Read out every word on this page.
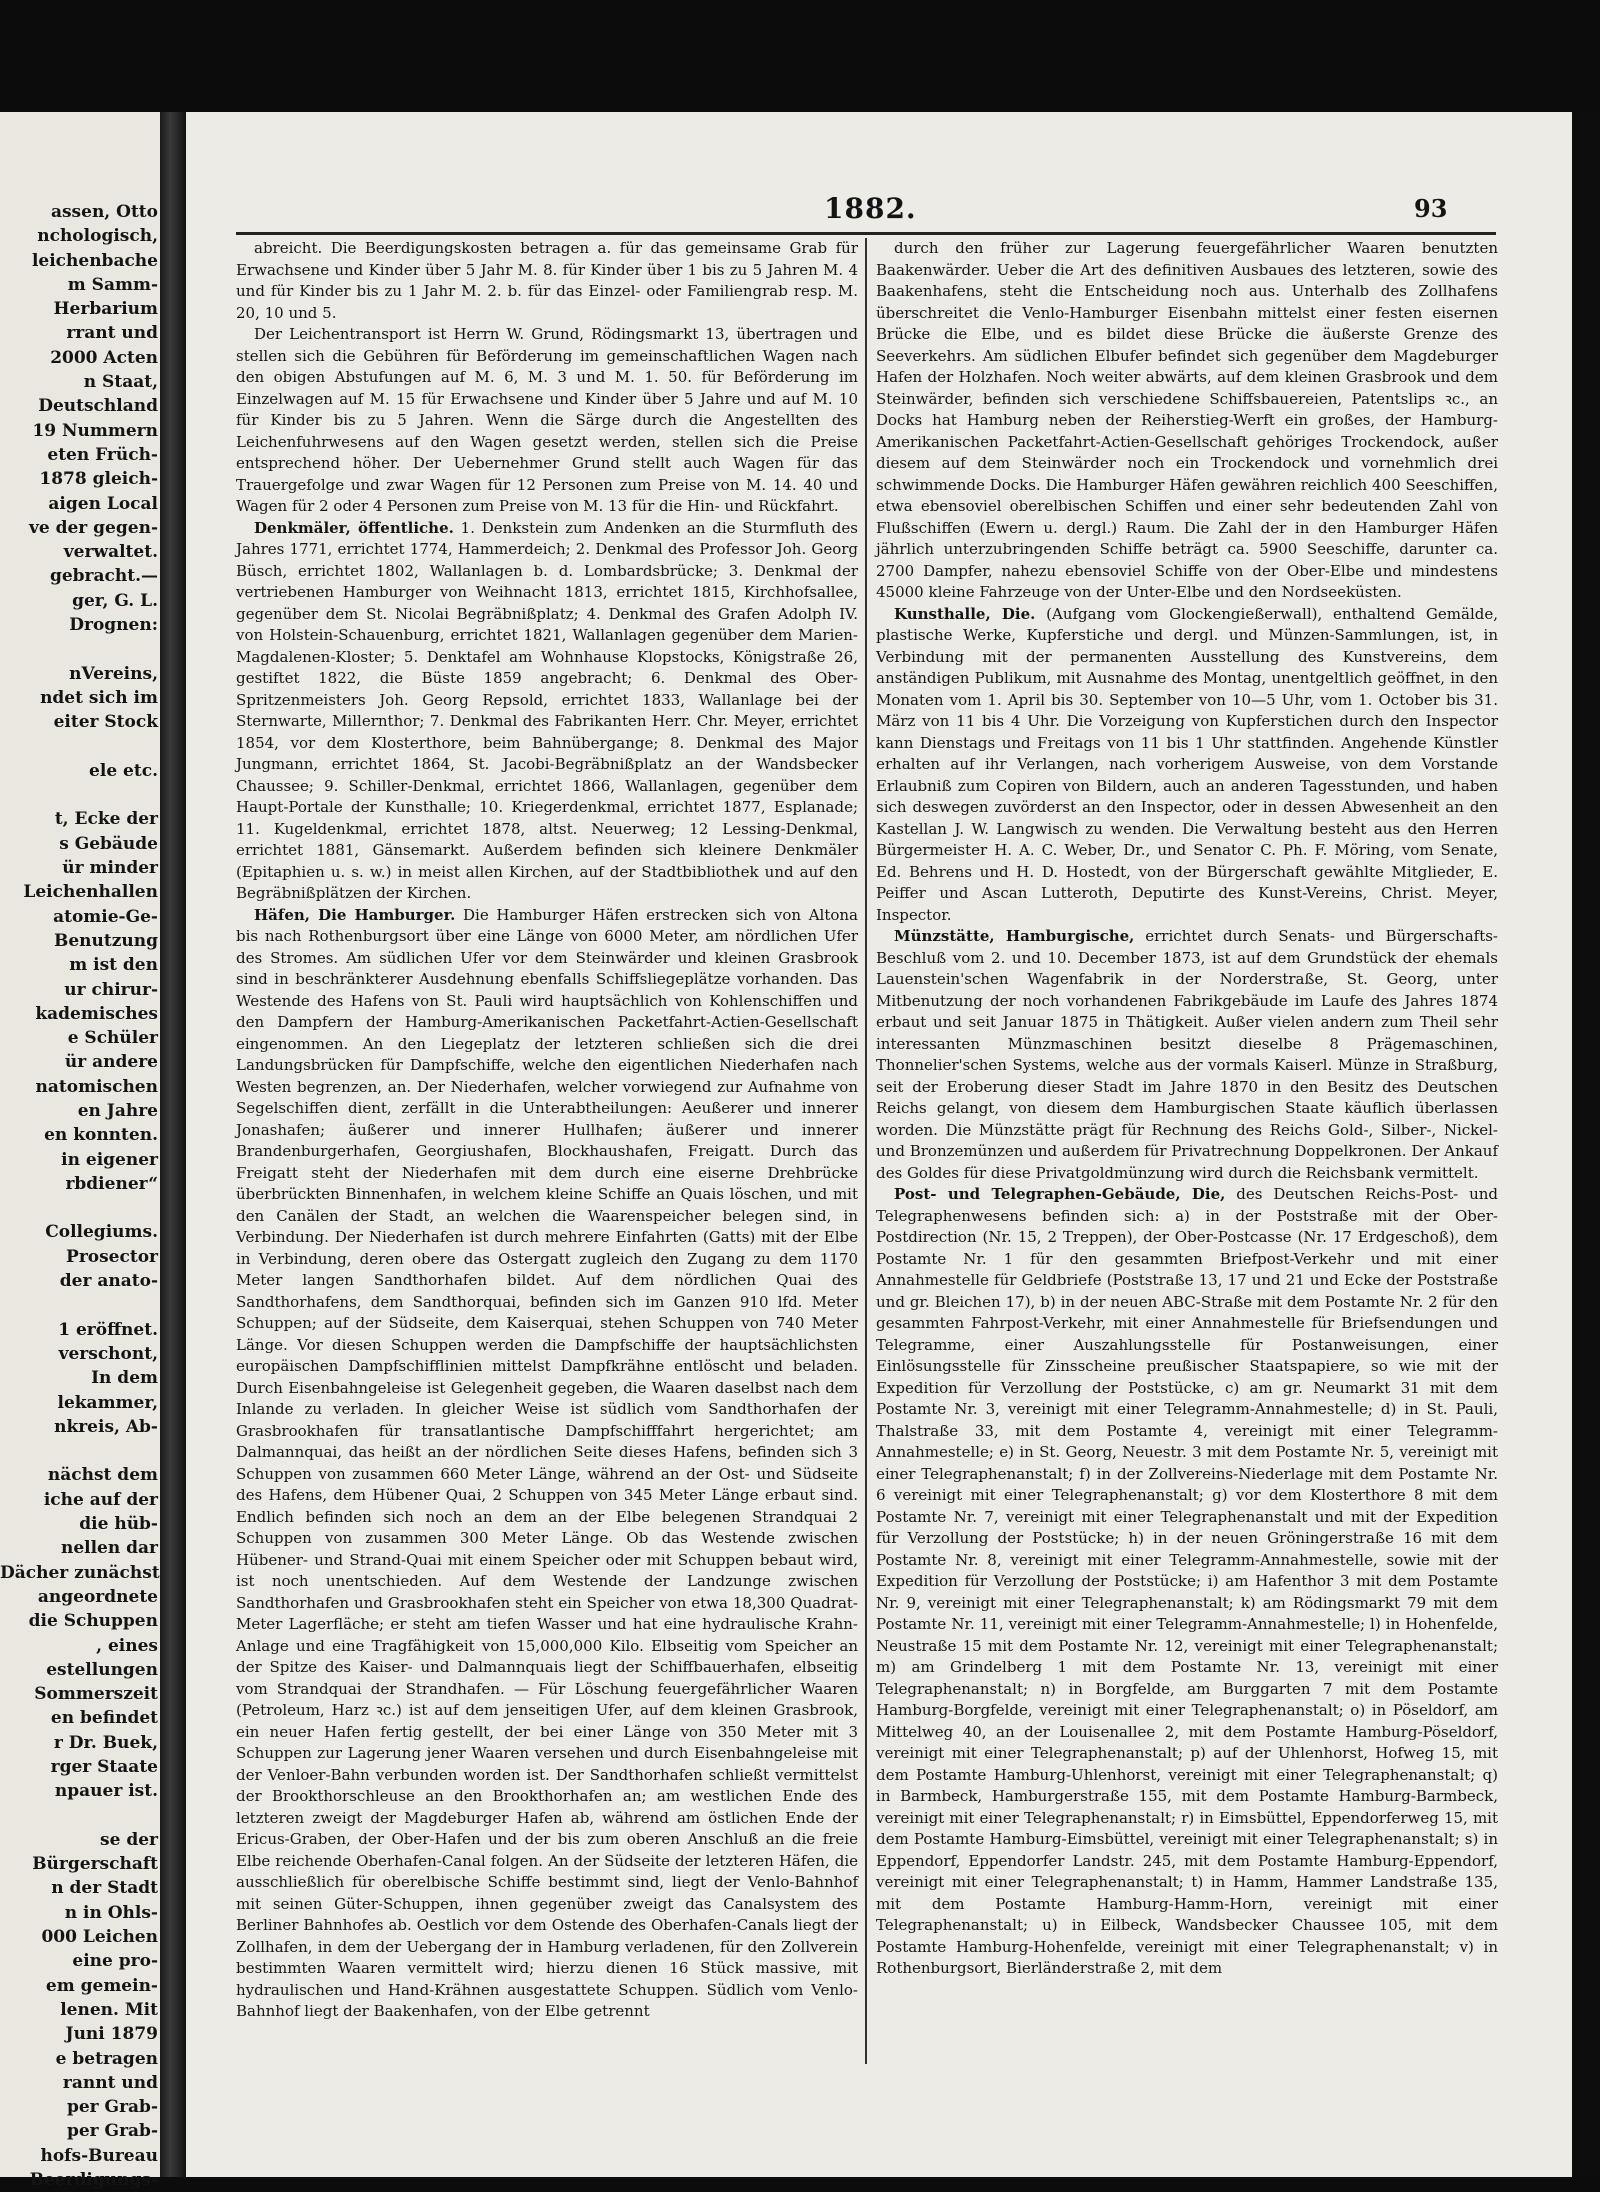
assen, Otto
nchologisch,
leichenbache
m Samm-
Herbarium
rrant und
2000 Acten
n Staat,
Deutschland
19 Nummern
eten Früch-
1878 gleich-
aigen Local
ve der gegen-
verwaltet.
gebracht.—
ger, G. L.
Drognen:

nVereins,
ndet sich im
eiter Stock

ele etc.

t, Ecke der
s Gebäude
ür minder
Leichenhallen
atomie-Ge-
Benutzung
m ist den
ur chirur-
kademisches
e Schüler
ür andere
natomischen
en Jahre
en konnten.
in eigener
rbdiener“

Collegiums.
Prosector
der anato-

1 eröffnet.
verschont,
In dem
lekammer,
nkreis, Ab-

nächst dem
iche auf der
die hüb-
nellen dar
Dächer zunächst
angeordnete
die Schuppen
, eines
estellungen
Sommerszeit
en befindet
r Dr. Buek,
rger Staate
npauer ist.

se der
Bürgerschaft
n der Stadt
n in Ohls-
000 Leichen
eine pro-
em gemein-
lenen. Mit
Juni 1879
e betragen
rannt und
per Grab-
per Grab-
hofs-Bureau
Beerdigungs-
1882.	93

abreicht. Die Beerdigungskosten betragen a. für das gemeinsame Grab für Erwachsene und Kinder über 5 Jahr M. 8. für Kinder über 1 bis zu 5 Jahren M. 4 und für Kinder bis zu 1 Jahr M. 2. b. für das Einzel- oder Familiengrab resp. M. 20, 10 und 5.

Der Leichentransport ist Herrn W. Grund, Rödingsmarkt 13, übertragen und stellen sich die Gebühren für Beförderung im gemeinschaftlichen Wagen nach den obigen Abstufungen auf M. 6, M. 3 und M. 1. 50. für Beförderung im Einzelwagen auf M. 15 für Erwachsene und Kinder über 5 Jahre und auf M. 10 für Kinder bis zu 5 Jahren. Wenn die Särge durch die Angestellten des Leichenfuhrwesens auf den Wagen gesetzt werden, stellen sich die Preise entsprechend höher. Der Uebernehmer Grund stellt auch Wagen für das Trauergefolge und zwar Wagen für 12 Personen zum Preise von M. 14. 40 und Wagen für 2 oder 4 Personen zum Preise von M. 13 für die Hin- und Rückfahrt.

Denkmäler, öffentliche. 1. Denkstein zum Andenken an die Sturmfluth des Jahres 1771, errichtet 1774, Hammerdeich; 2. Denkmal des Professor Joh. Georg Büsch, errichtet 1802, Wallanlagen b. d. Lombardsbrücke; 3. Denkmal der vertriebenen Hamburger von Weihnacht 1813, errichtet 1815, Kirchhofsallee, gegenüber dem St. Nicolai Begräbnißplatz; 4. Denkmal des Grafen Adolph IV. von Holstein-Schauenburg, errichtet 1821, Wallanlagen gegenüber dem Marien-Magdalenen-Kloster; 5. Denktafel am Wohnhause Klopstocks, Königstraße 26, gestiftet 1822, die Büste 1859 angebracht; 6. Denkmal des Ober-Spritzenmeisters Joh. Georg Repsold, errichtet 1833, Wallanlage bei der Sternwarte, Millernthor; 7. Denkmal des Fabrikanten Herr. Chr. Meyer, errichtet 1854, vor dem Klosterthore, beim Bahnübergange; 8. Denkmal des Major Jungmann, errichtet 1864, St. Jacobi-Begräbnißplatz an der Wandsbecker Chaussee; 9. Schiller-Denkmal, errichtet 1866, Wallanlagen, gegenüber dem Haupt-Portale der Kunsthalle; 10. Kriegerdenkmal, errichtet 1877, Esplanade; 11. Kugeldenkmal, errichtet 1878, altst. Neuerweg; 12 Lessing-Denkmal, errichtet 1881, Gänsemarkt. Außerdem befinden sich kleinere Denkmäler (Epitaphien u. s. w.) in meist allen Kirchen, auf der Stadtbibliothek und auf den Begräbnißplätzen der Kirchen.

Häfen, Die Hamburger. Die Hamburger Häfen erstrecken sich von Altona bis nach Rothenburgsort über eine Länge von 6000 Meter, am nördlichen Ufer des Stromes. Am südlichen Ufer vor dem Steinwärder und kleinen Grasbrook sind in beschränkterer Ausdehnung ebenfalls Schiffsliegeplätze vorhanden. Das Westende des Hafens von St. Pauli wird hauptsächlich von Kohlenschiffen und den Dampfern der Hamburg-Amerikanischen Packetfahrt-Actien-Gesellschaft eingenommen. An den Liegeplatz der letzteren schließen sich die drei Landungsbrücken für Dampfschiffe, welche den eigentlichen Niederhafen nach Westen begrenzen, an. Der Niederhafen, welcher vorwiegend zur Aufnahme von Segelschiffen dient, zerfällt in die Unterabtheilungen: Aeußerer und innerer Jonashafen; äußerer und innerer Hullhafen; äußerer und innerer Brandenburgerhafen, Georgiushafen, Blockhaushafen, Freigatt. Durch das Freigatt steht der Niederhafen mit dem durch eine eiserne Drehbrücke überbrückten Binnenhafen, in welchem kleine Schiffe an Quais löschen, und mit den Canälen der Stadt, an welchen die Waarenspeicher belegen sind, in Verbindung. Der Niederhafen ist durch mehrere Einfahrten (Gatts) mit der Elbe in Verbindung, deren obere das Ostergatt zugleich den Zugang zu dem 1170 Meter langen Sandthorhafen bildet. Auf dem nördlichen Quai des Sandthorhafens, dem Sandthorquai, befinden sich im Ganzen 910 lfd. Meter Schuppen; auf der Südseite, dem Kaiserquai, stehen Schuppen von 740 Meter Länge. Vor diesen Schuppen werden die Dampfschiffe der hauptsächlichsten europäischen Dampfschifflinien mittelst Dampfkrähne entlöscht und beladen. Durch Eisenbahngeleise ist Gelegenheit gegeben, die Waaren daselbst nach dem Inlande zu verladen. In gleicher Weise ist südlich vom Sandthorhafen der Grasbrookhafen für transatlantische Dampfschifffahrt hergerichtet; am Dalmannquai, das heißt an der nördlichen Seite dieses Hafens, befinden sich 3 Schuppen von zusammen 660 Meter Länge, während an der Ost- und Südseite des Hafens, dem Hübener Quai, 2 Schuppen von 345 Meter Länge erbaut sind. Endlich befinden sich noch an dem an der Elbe belegenen Strandquai 2 Schuppen von zusammen 300 Meter Länge. Ob das Westende zwischen Hübener- und Strand-Quai mit einem Speicher oder mit Schuppen bebaut wird, ist noch unentschieden. Auf dem Westende der Landzunge zwischen Sandthorhafen und Grasbrookhafen steht ein Speicher von etwa 18,300 Quadrat-Meter Lagerfläche; er steht am tiefen Wasser und hat eine hydraulische Krahn-Anlage und eine Tragfähigkeit von 15,000,000 Kilo. Elbseitig vom Speicher an der Spitze des Kaiser- und Dalmannquais liegt der Schiffbauerhafen, elbseitig vom Strandquai der Strandhafen. — Für Löschung feuergefährlicher Waaren (Petroleum, Harz ꝛc.) ist auf dem jenseitigen Ufer, auf dem kleinen Grasbrook, ein neuer Hafen fertig gestellt, der bei einer Länge von 350 Meter mit 3 Schuppen zur Lagerung jener Waaren versehen und durch Eisenbahngeleise mit der Venloer-Bahn verbunden worden ist. Der Sandthorhafen schließt vermittelst der Brookthorschleuse an den Brookthorhafen an; am westlichen Ende des letzteren zweigt der Magdeburger Hafen ab, während am östlichen Ende der Ericus-Graben, der Ober-Hafen und der bis zum oberen Anschluß an die freie Elbe reichende Oberhafen-Canal folgen. An der Südseite der letzteren Häfen, die ausschließlich für oberelbische Schiffe bestimmt sind, liegt der Venlo-Bahnhof mit seinen Güter-Schuppen, ihnen gegenüber zweigt das Canalsystem des Berliner Bahnhofes ab. Oestlich vor dem Ostende des Oberhafen-Canals liegt der Zollhafen, in dem der Uebergang der in Hamburg verladenen, für den Zollverein bestimmten Waaren vermittelt wird; hierzu dienen 16 Stück massive, mit hydraulischen und Hand-Krähnen ausgestattete Schuppen. Südlich vom Venlo-Bahnhof liegt der Baakenhafen, von der Elbe getrennt

durch den früher zur Lagerung feuergefährlicher Waaren benutzten Baakenwärder. Ueber die Art des definitiven Ausbaues des letzteren, sowie des Baakenhafens, steht die Entscheidung noch aus. Unterhalb des Zollhafens überschreitet die Venlo-Hamburger Eisenbahn mittelst einer festen eisernen Brücke die Elbe, und es bildet diese Brücke die äußerste Grenze des Seeverkehrs. Am südlichen Elbufer befindet sich gegenüber dem Magdeburger Hafen der Holzhafen. Noch weiter abwärts, auf dem kleinen Grasbrook und dem Steinwärder, befinden sich verschiedene Schiffsbauereien, Patentslips ꝛc., an Docks hat Hamburg neben der Reiherstieg-Werft ein großes, der Hamburg-Amerikanischen Packetfahrt-Actien-Gesellschaft gehöriges Trockendock, außer diesem auf dem Steinwärder noch ein Trockendock und vornehmlich drei schwimmende Docks. Die Hamburger Häfen gewähren reichlich 400 Seeschiffen, etwa ebensoviel oberelbischen Schiffen und einer sehr bedeutenden Zahl von Flußschiffen (Ewern u. dergl.) Raum. Die Zahl der in den Hamburger Häfen jährlich unterzubringenden Schiffe beträgt ca. 5900 Seeschiffe, darunter ca. 2700 Dampfer, nahezu ebensoviel Schiffe von der Ober-Elbe und mindestens 45000 kleine Fahrzeuge von der Unter-Elbe und den Nordseeküsten.

Kunsthalle, Die. (Aufgang vom Glockengießerwall), enthaltend Gemälde, plastische Werke, Kupferstiche und dergl. und Münzen-Sammlungen, ist, in Verbindung mit der permanenten Ausstellung des Kunstvereins, dem anständigen Publikum, mit Ausnahme des Montag, unentgeltlich geöffnet, in den Monaten vom 1. April bis 30. September von 10—5 Uhr, vom 1. October bis 31. März von 11 bis 4 Uhr. Die Vorzeigung von Kupferstichen durch den Inspector kann Dienstags und Freitags von 11 bis 1 Uhr stattfinden. Angehende Künstler erhalten auf ihr Verlangen, nach vorherigem Ausweise, von dem Vorstande Erlaubniß zum Copiren von Bildern, auch an anderen Tagesstunden, und haben sich deswegen zuvörderst an den Inspector, oder in dessen Abwesenheit an den Kastellan J. W. Langwisch zu wenden. Die Verwaltung besteht aus den Herren Bürgermeister H. A. C. Weber, Dr., und Senator C. Ph. F. Möring, vom Senate, Ed. Behrens und H. D. Hostedt, von der Bürgerschaft gewählte Mitglieder, E. Peiffer und Ascan Lutteroth, Deputirte des Kunst-Vereins, Christ. Meyer, Inspector.

Münzstätte, Hamburgische, errichtet durch Senats- und Bürgerschafts-Beschluß vom 2. und 10. December 1873, ist auf dem Grundstück der ehemals Lauenstein'schen Wagenfabrik in der Norderstraße, St. Georg, unter Mitbenutzung der noch vorhandenen Fabrikgebäude im Laufe des Jahres 1874 erbaut und seit Januar 1875 in Thätigkeit. Außer vielen andern zum Theil sehr interessanten Münzmaschinen besitzt dieselbe 8 Prägemaschinen, Thonnelier'schen Systems, welche aus der vormals Kaiserl. Münze in Straßburg, seit der Eroberung dieser Stadt im Jahre 1870 in den Besitz des Deutschen Reichs gelangt, von diesem dem Hamburgischen Staate käuflich überlassen worden. Die Münzstätte prägt für Rechnung des Reichs Gold-, Silber-, Nickel- und Bronzemünzen und außerdem für Privatrechnung Doppelkronen. Der Ankauf des Goldes für diese Privatgoldmünzung wird durch die Reichsbank vermittelt.

Post- und Telegraphen-Gebäude, Die, des Deutschen Reichs-Post- und Telegraphenwesens befinden sich: a) in der Poststraße mit der Ober-Postdirection (Nr. 15, 2 Treppen), der Ober-Postcasse (Nr. 17 Erdgeschoß), dem Postamte Nr. 1 für den gesammten Briefpost-Verkehr und mit einer Annahmestelle für Geldbriefe (Poststraße 13, 17 und 21 und Ecke der Poststraße und gr. Bleichen 17), b) in der neuen ABC-Straße mit dem Postamte Nr. 2 für den gesammten Fahrpost-Verkehr, mit einer Annahmestelle für Briefsendungen und Telegramme, einer Auszahlungsstelle für Postanweisungen, einer Einlösungsstelle für Zinsscheine preußischer Staatspapiere, so wie mit der Expedition für Verzollung der Poststücke, c) am gr. Neumarkt 31 mit dem Postamte Nr. 3, vereinigt mit einer Telegramm-Annahmestelle; d) in St. Pauli, Thalstraße 33, mit dem Postamte 4, vereinigt mit einer Telegramm-Annahmestelle; e) in St. Georg, Neuestr. 3 mit dem Postamte Nr. 5, vereinigt mit einer Telegraphenanstalt; f) in der Zollvereins-Niederlage mit dem Postamte Nr. 6 vereinigt mit einer Telegraphenanstalt; g) vor dem Klosterthore 8 mit dem Postamte Nr. 7, vereinigt mit einer Telegraphenanstalt und mit der Expedition für Verzollung der Poststücke; h) in der neuen Gröningerstraße 16 mit dem Postamte Nr. 8, vereinigt mit einer Telegramm-Annahmestelle, sowie mit der Expedition für Verzollung der Poststücke; i) am Hafenthor 3 mit dem Postamte Nr. 9, vereinigt mit einer Telegraphenanstalt; k) am Rödingsmarkt 79 mit dem Postamte Nr. 11, vereinigt mit einer Telegramm-Annahmestelle; l) in Hohenfelde, Neustraße 15 mit dem Postamte Nr. 12, vereinigt mit einer Telegraphenanstalt; m) am Grindelberg 1 mit dem Postamte Nr. 13, vereinigt mit einer Telegraphenanstalt; n) in Borgfelde, am Burggarten 7 mit dem Postamte Hamburg-Borgfelde, vereinigt mit einer Telegraphenanstalt; o) in Pöseldorf, am Mittelweg 40, an der Louisenallee 2, mit dem Postamte Hamburg-Pöseldorf, vereinigt mit einer Telegraphenanstalt; p) auf der Uhlenhorst, Hofweg 15, mit dem Postamte Hamburg-Uhlenhorst, vereinigt mit einer Telegraphenanstalt; q) in Barmbeck, Hamburgerstraße 155, mit dem Postamte Hamburg-Barmbeck, vereinigt mit einer Telegraphenanstalt; r) in Eimsbüttel, Eppendorferweg 15, mit dem Postamte Hamburg-Eimsbüttel, vereinigt mit einer Telegraphenanstalt; s) in Eppendorf, Eppendorfer Landstr. 245, mit dem Postamte Hamburg-Eppendorf, vereinigt mit einer Telegraphenanstalt; t) in Hamm, Hammer Landstraße 135, mit dem Postamte Hamburg-Hamm-Horn, vereinigt mit einer Telegraphenanstalt; u) in Eilbeck, Wandsbecker Chaussee 105, mit dem Postamte Hamburg-Hohenfelde, vereinigt mit einer Telegraphenanstalt; v) in Rothenburgsort, Bierländerstraße 2, mit dem
